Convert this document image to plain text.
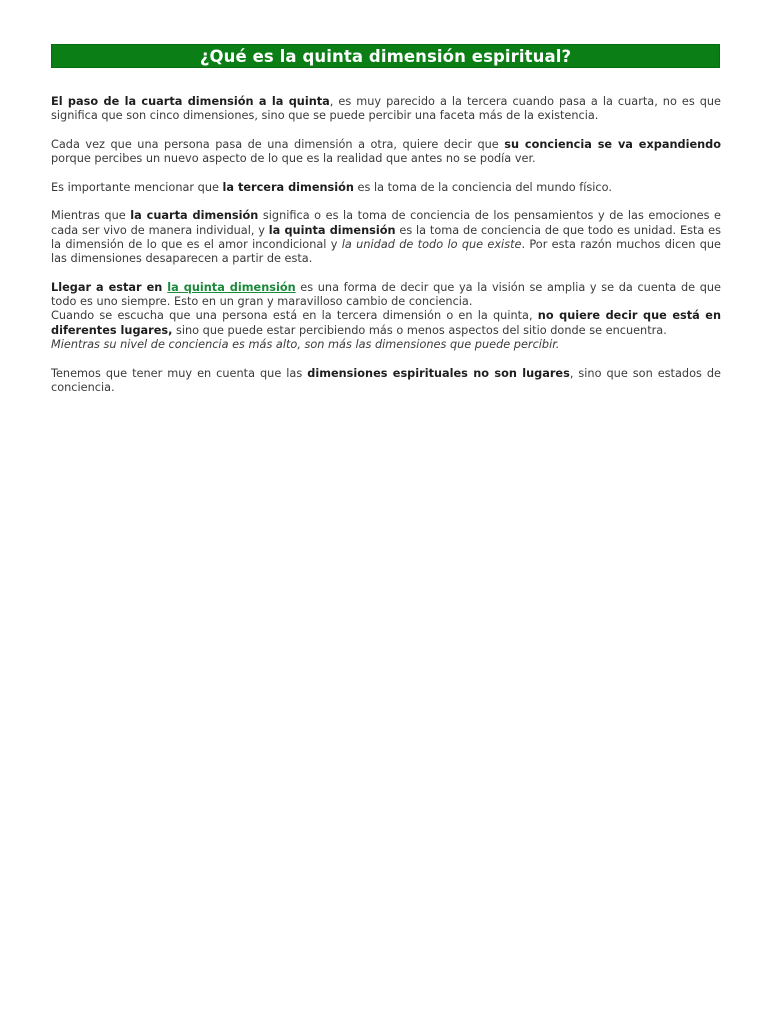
¿Qué es la quinta dimensión espiritual?

El paso de la cuarta dimensión a la quinta, es muy parecido a la tercera cuando pasa a la cuarta, no es que significa que son cinco dimensiones, sino que se puede percibir una faceta más de la existencia.

Cada vez que una persona pasa de una dimensión a otra, quiere decir que su conciencia se va expandiendo porque percibes un nuevo aspecto de lo que es la realidad que antes no se podía ver.

Es importante mencionar que la tercera dimensión es la toma de la conciencia del mundo físico.

Mientras que la cuarta dimensión significa o es la toma de conciencia de los pensamientos y de las emociones e cada ser vivo de manera individual, y la quinta dimensión es la toma de conciencia de que todo es unidad. Esta es la dimensión de lo que es el amor incondicional y la unidad de todo lo que existe. Por esta razón muchos dicen que las dimensiones desaparecen a partir de esta.

Llegar a estar en la quinta dimensión es una forma de decir que ya la visión se amplia y se da cuenta de que todo es uno siempre. Esto en un gran y maravilloso cambio de conciencia.

Cuando se escucha que una persona está en la tercera dimensión o en la quinta, no quiere decir que está en diferentes lugares, sino que puede estar percibiendo más o menos aspectos del sitio donde se encuentra.

Mientras su nivel de conciencia es más alto, son más las dimensiones que puede percibir.

Tenemos que tener muy en cuenta que las dimensiones espirituales no son lugares, sino que son estados de conciencia.
